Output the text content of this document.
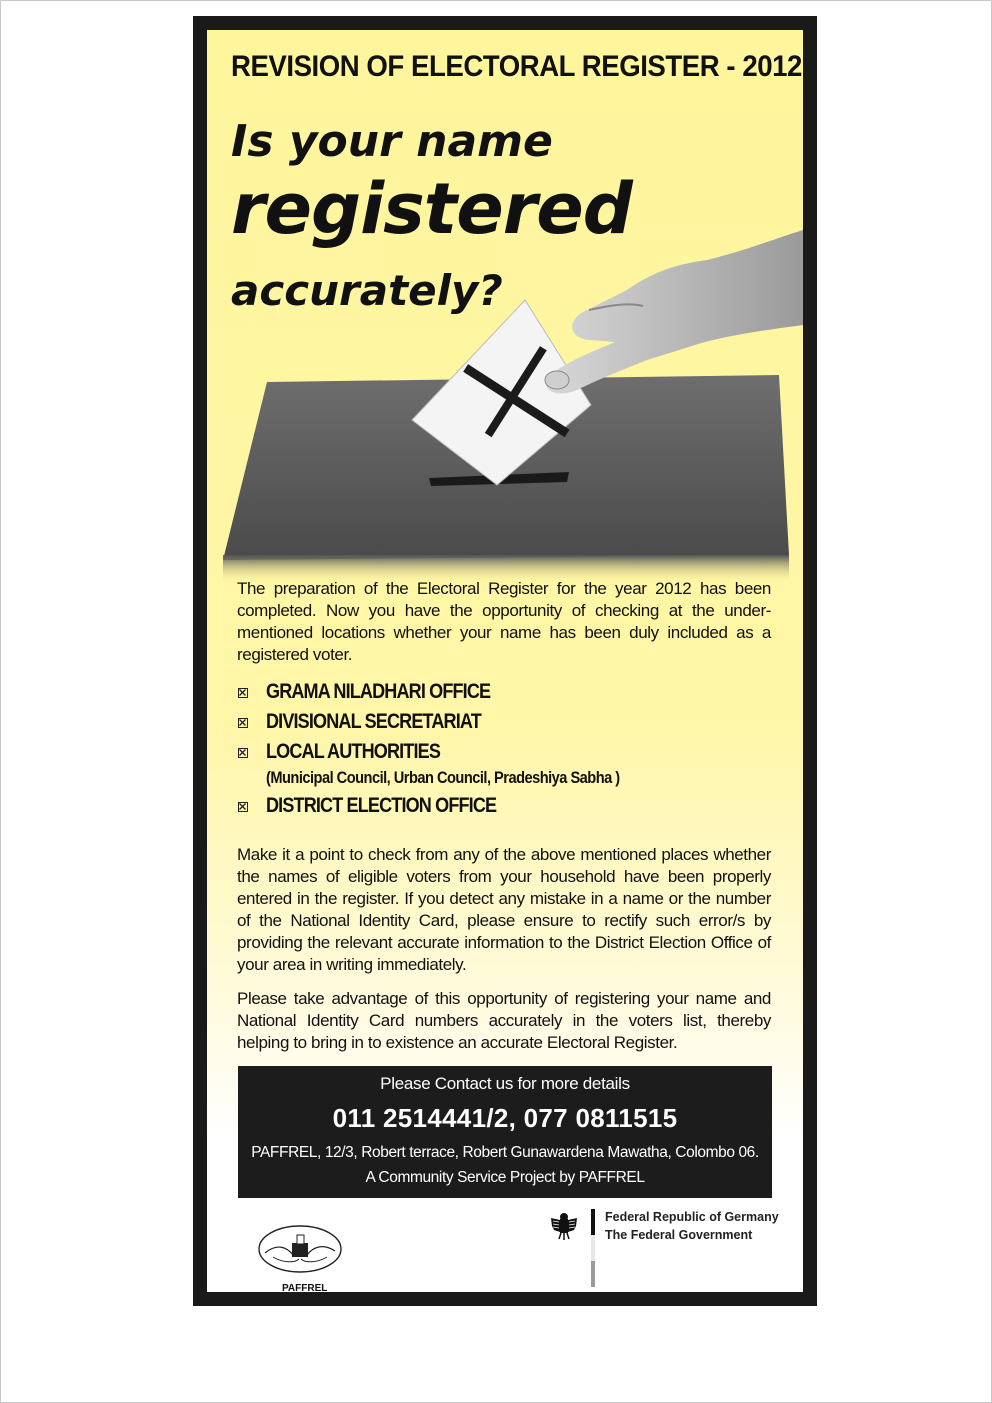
REVISION OF ELECTORAL REGISTER - 2012
Is your name
registered
accurately?
The preparation of the Electoral Register for the year 2012 has been completed. Now you have the opportunity of checking at the under-mentioned locations whether your name has been duly included as a registered voter.
GRAMA NILADHARI OFFICE
DIVISIONAL SECRETARIAT
LOCAL AUTHORITIES
(Municipal Council, Urban Council, Pradeshiya Sabha )
DISTRICT ELECTION OFFICE
Make it a point to check from any of the above mentioned places whether the names of eligible voters from your household have been properly entered in the register. If you detect any mistake in a name or the number of the National Identity Card, please ensure to rectify such error/s by providing the relevant accurate information to the District Election Office of your area in writing immediately.
Please take advantage of this opportunity of registering your name and National Identity Card numbers accurately in the voters list, thereby helping to bring in to existence an accurate Electoral Register.
Please Contact us for more details
011 2514441/2, 077 0811515
PAFFREL, 12/3, Robert terrace, Robert Gunawardena Mawatha, Colombo 06.
A Community Service Project by PAFFREL
PAFFREL
Federal Republic of Germany
The Federal Government
